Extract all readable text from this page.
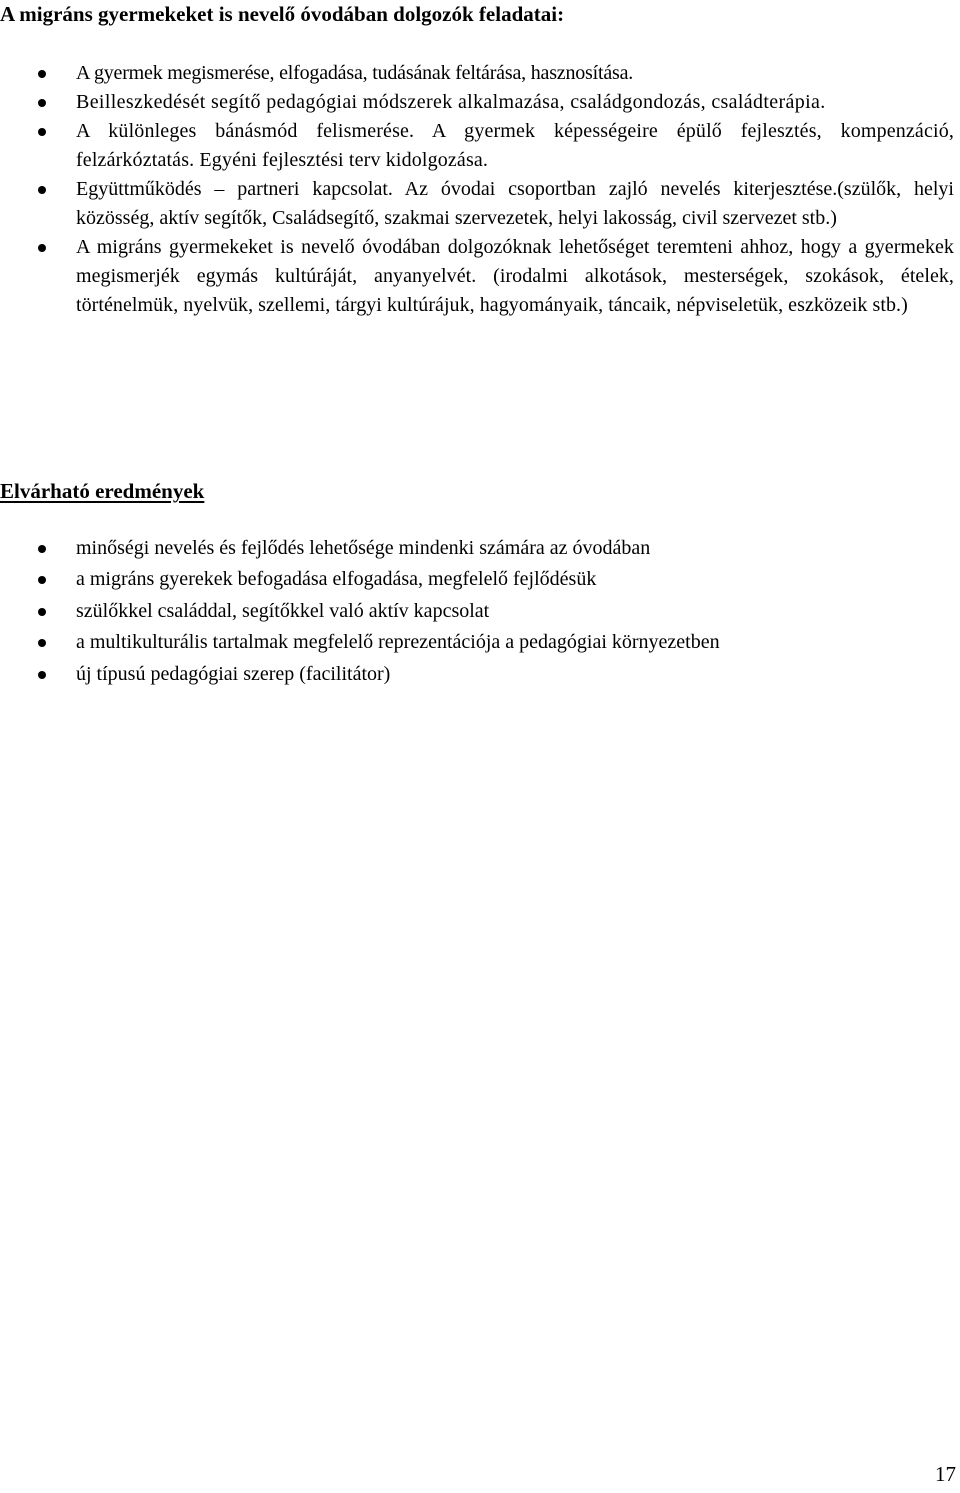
A migráns gyermekeket is nevelő óvodában dolgozók feladatai:
A gyermek megismerése, elfogadása, tudásának feltárása, hasznosítása.
Beilleszkedését segítő pedagógiai módszerek alkalmazása, családgondozás, családterápia.
A különleges bánásmód felismerése. A gyermek képességeire épülő fejlesztés, kompenzáció, felzárkóztatás. Egyéni fejlesztési terv kidolgozása.
Együttműködés – partneri kapcsolat. Az óvodai csoportban zajló nevelés kiterjesztése.(szülők, helyi közösség, aktív segítők, Családsegítő, szakmai szervezetek, helyi lakosság, civil szervezet stb.)
A migráns gyermekeket is nevelő óvodában dolgozóknak lehetőséget teremteni ahhoz, hogy a gyermekek megismerjék egymás kultúráját, anyanyelvét. (irodalmi alkotások, mesterségek, szokások, ételek, történelmük, nyelvük, szellemi, tárgyi kultúrájuk, hagyományaik, táncaik, népviseletük, eszközeik stb.)
Elvárható eredmények
minőségi nevelés és fejlődés lehetősége mindenki számára az óvodában
a migráns gyerekek befogadása elfogadása, megfelelő fejlődésük
szülőkkel családdal, segítőkkel való aktív kapcsolat
a multikulturális tartalmak megfelelő reprezentációja a pedagógiai környezetben
új típusú pedagógiai szerep (facilitátor)
17
